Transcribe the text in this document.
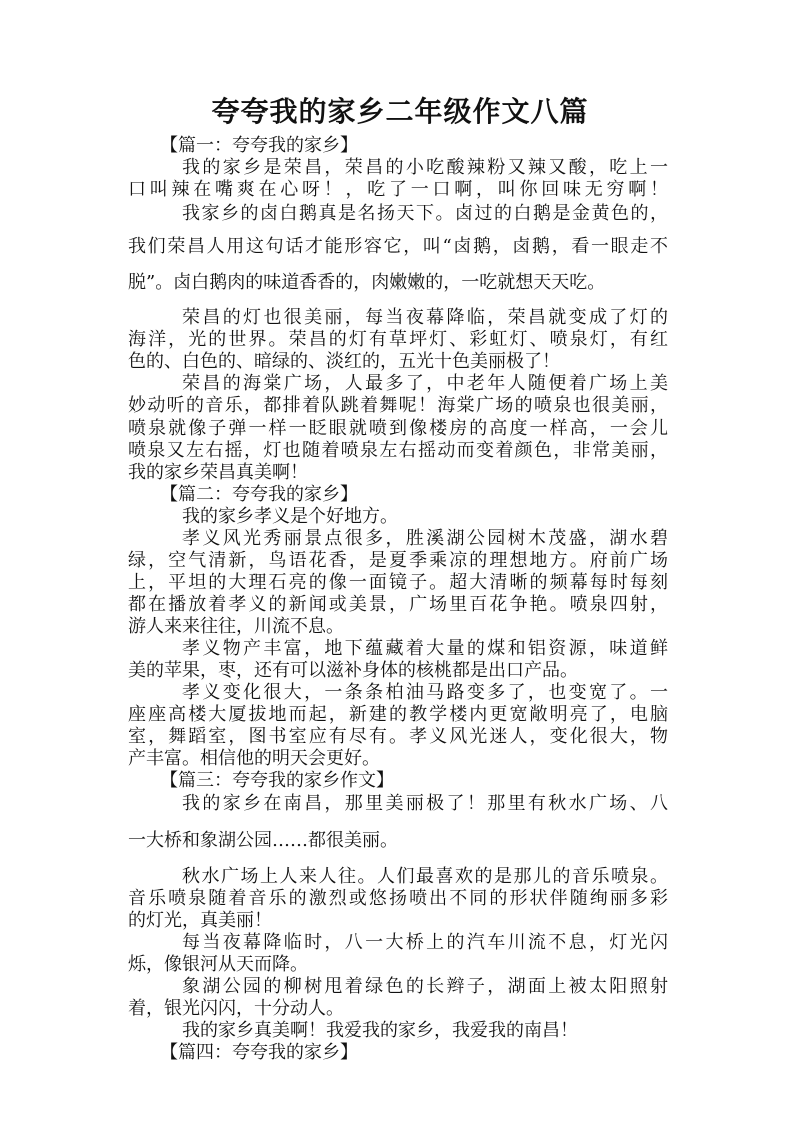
夸夸我的家乡二年级作文八篇
【篇一：夸夸我的家乡】
我的家乡是荣昌，荣昌的小吃酸辣粉又辣又酸，吃上一
口叫辣在嘴爽在心呀！，吃了一口啊，叫你回味无穷啊！
我家乡的卤白鹅真是名扬天下。卤过的白鹅是金黄色的，
我们荣昌人用这句话才能形容它，叫“卤鹅，卤鹅，看一眼走不
脱”。卤白鹅肉的味道香香的，肉嫩嫩的，一吃就想天天吃。
荣昌的灯也很美丽，每当夜幕降临，荣昌就变成了灯的
海洋，光的世界。荣昌的灯有草坪灯、彩虹灯、喷泉灯，有红
色的、白色的、暗绿的、淡红的，五光十色美丽极了！
荣昌的海棠广场，人最多了，中老年人随便着广场上美
妙动听的音乐，都排着队跳着舞呢！海棠广场的喷泉也很美丽，
喷泉就像子弹一样一眨眼就喷到像楼房的高度一样高，一会儿
喷泉又左右摇，灯也随着喷泉左右摇动而变着颜色，非常美丽，
我的家乡荣昌真美啊！
【篇二：夸夸我的家乡】
我的家乡孝义是个好地方。
孝义风光秀丽景点很多，胜溪湖公园树木茂盛，湖水碧
绿，空气清新，鸟语花香，是夏季乘凉的理想地方。府前广场
上，平坦的大理石亮的像一面镜子。超大清晰的频幕每时每刻
都在播放着孝义的新闻或美景，广场里百花争艳。喷泉四射，
游人来来往往，川流不息。
孝义物产丰富，地下蕴藏着大量的煤和铝资源，味道鲜
美的苹果，枣，还有可以滋补身体的核桃都是出口产品。
孝义变化很大，一条条柏油马路变多了，也变宽了。一
座座高楼大厦拔地而起，新建的教学楼内更宽敞明亮了，电脑
室，舞蹈室，图书室应有尽有。孝义风光迷人，变化很大，物
产丰富。相信他的明天会更好。
【篇三：夸夸我的家乡作文】
我的家乡在南昌，那里美丽极了！那里有秋水广场、八
一大桥和象湖公园……都很美丽。
秋水广场上人来人往。人们最喜欢的是那儿的音乐喷泉。
音乐喷泉随着音乐的激烈或悠扬喷出不同的形状伴随绚丽多彩
的灯光，真美丽！
每当夜幕降临时，八一大桥上的汽车川流不息，灯光闪
烁，像银河从天而降。
象湖公园的柳树甩着绿色的长辫子，湖面上被太阳照射
着，银光闪闪，十分动人。
我的家乡真美啊！我爱我的家乡，我爱我的南昌！
【篇四：夸夸我的家乡】
